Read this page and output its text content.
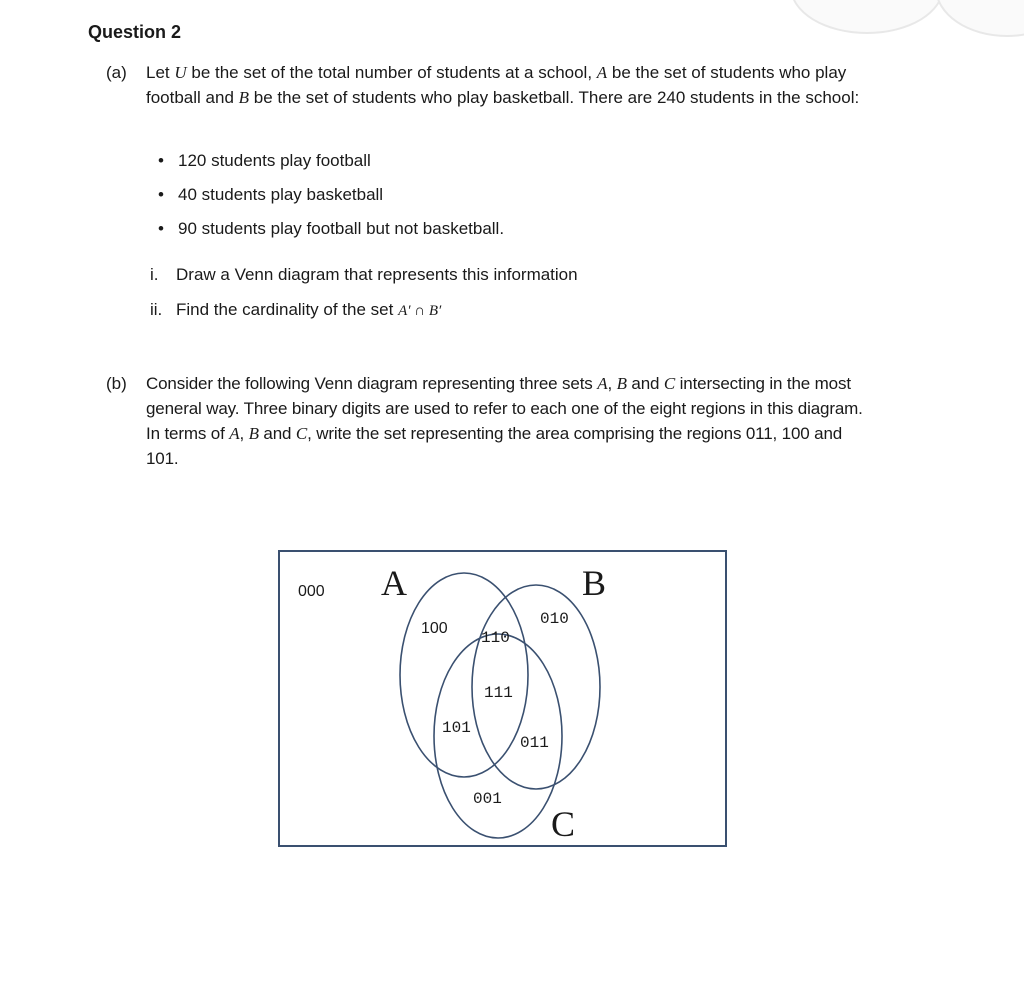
Question 2
(a) Let U be the set of the total number of students at a school, A be the set of students who play football and B be the set of students who play basketball. There are 240 students in the school:
• 120 students play football
• 40 students play basketball
• 90 students play football but not basketball.
i. Draw a Venn diagram that represents this information
ii. Find the cardinality of the set A′ ∩ B′
(b) Consider the following Venn diagram representing three sets A, B and C intersecting in the most general way. Three binary digits are used to refer to each one of the eight regions in this diagram. In terms of A, B and C, write the set representing the area comprising the regions 011, 100 and 101.
000 A	B
C
100
110
010
111
101
011
001
